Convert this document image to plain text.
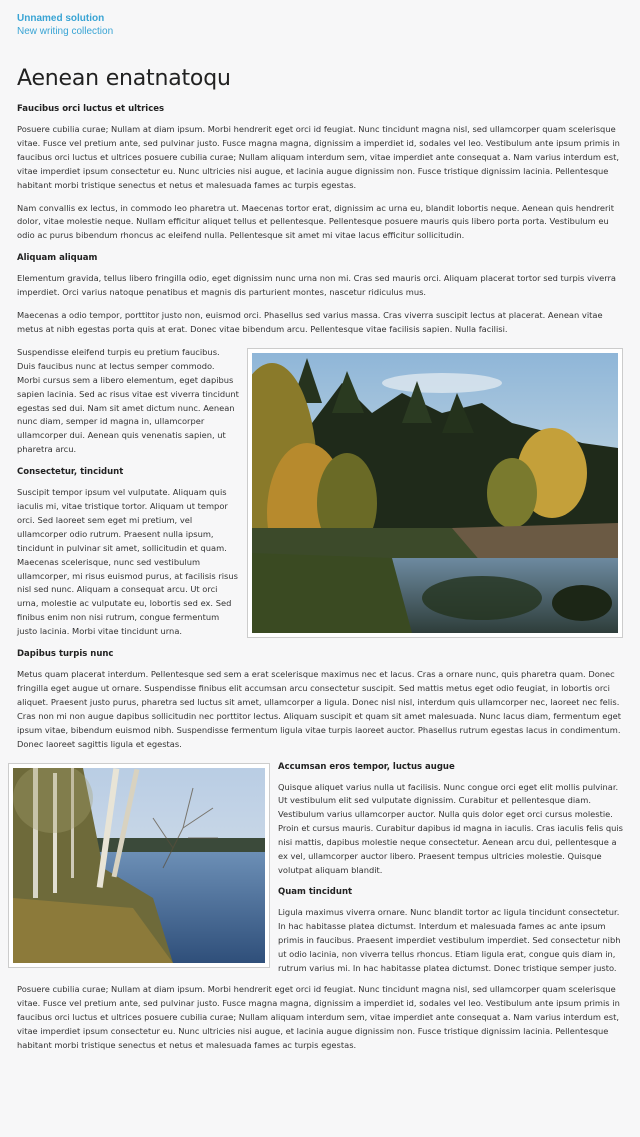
Unnamed solution
New writing collection
Aenean enatnatoqu
Faucibus orci luctus et ultrices

Posuere cubilia curae; Nullam at diam ipsum. Morbi hendrerit eget orci id feugiat. Nunc tincidunt magna nisl, sed ullamcorper quam scelerisque vitae. Fusce vel pretium ante, sed pulvinar justo. Fusce magna magna, dignissim a imperdiet id, sodales vel leo. Vestibulum ante ipsum primis in faucibus orci luctus et ultrices posuere cubilia curae; Nullam aliquam interdum sem, vitae imperdiet ante consequat a. Nam varius interdum est, vitae imperdiet ipsum consectetur eu. Nunc ultricies nisi augue, et lacinia augue dignissim non. Fusce tristique dignissim lacinia. Pellentesque habitant morbi tristique senectus et netus et malesuada fames ac turpis egestas.

Nam convallis ex lectus, in commodo leo pharetra ut. Maecenas tortor erat, dignissim ac urna eu, blandit lobortis neque. Aenean quis hendrerit dolor, vitae molestie neque. Nullam efficitur aliquet tellus et pellentesque. Pellentesque posuere mauris quis libero porta porta. Vestibulum eu odio ac purus bibendum rhoncus ac eleifend nulla. Pellentesque sit amet mi vitae lacus efficitur sollicitudin.

Aliquam aliquam

Elementum gravida, tellus libero fringilla odio, eget dignissim nunc urna non mi. Cras sed mauris orci. Aliquam placerat tortor sed turpis viverra imperdiet. Orci varius natoque penatibus et magnis dis parturient montes, nascetur ridiculus mus.

Maecenas a odio tempor, porttitor justo non, euismod orci. Phasellus sed varius massa. Cras viverra suscipit lectus at placerat. Aenean vitae metus at nibh egestas porta quis at erat. Donec vitae bibendum arcu. Pellentesque vitae facilisis sapien. Nulla facilisi.

Suspendisse eleifend turpis eu pretium faucibus. Duis faucibus nunc at lectus semper commodo. Morbi cursus sem a libero elementum, eget dapibus sapien lacinia. Sed ac risus vitae est viverra tincidunt egestas sed dui. Nam sit amet dictum nunc. Aenean nunc diam, semper id magna in, ullamcorper ullamcorper dui. Aenean quis venenatis sapien, ut pharetra arcu.

Consectetur, tincidunt

Suscipit tempor ipsum vel vulputate. Aliquam quis iaculis mi, vitae tristique tortor. Aliquam ut tempor orci. Sed laoreet sem eget mi pretium, vel ullamcorper odio rutrum. Praesent nulla ipsum, tincidunt in pulvinar sit amet, sollicitudin et quam. Maecenas scelerisque, nunc sed vestibulum ullamcorper, mi risus euismod purus, at facilisis risus nisl sed nunc. Aliquam a consequat arcu. Ut orci urna, molestie ac vulputate eu, lobortis sed ex. Sed finibus enim non nisi rutrum, congue fermentum justo lacinia. Morbi vitae tincidunt urna.

Dapibus turpis nunc

Metus quam placerat interdum. Pellentesque sed sem a erat scelerisque maximus nec et lacus. Cras a ornare nunc, quis pharetra quam. Donec fringilla eget augue ut ornare. Suspendisse finibus elit accumsan arcu consectetur suscipit. Sed mattis metus eget odio feugiat, in lobortis orci aliquet. Praesent justo purus, pharetra sed luctus sit amet, ullamcorper a ligula. Donec nisl nisl, interdum quis ullamcorper nec, laoreet nec felis. Cras non mi non augue dapibus sollicitudin nec porttitor lectus. Aliquam suscipit et quam sit amet malesuada. Nunc lacus diam, fermentum eget ipsum vitae, bibendum euismod nibh. Suspendisse fermentum ligula vitae turpis laoreet auctor. Phasellus rutrum egestas lacus in condimentum. Donec laoreet sagittis ligula et egestas.

Accumsan eros tempor, luctus augue

Quisque aliquet varius nulla ut facilisis. Nunc congue orci eget elit mollis pulvinar. Ut vestibulum elit sed vulputate dignissim. Curabitur et pellentesque diam. Vestibulum varius ullamcorper auctor. Nulla quis dolor eget orci cursus molestie. Proin et cursus mauris. Curabitur dapibus id magna in iaculis. Cras iaculis felis quis nisi mattis, dapibus molestie neque consectetur. Aenean arcu dui, pellentesque a ex vel, ullamcorper auctor libero. Praesent tempus ultricies molestie. Quisque volutpat aliquam blandit.

Quam tincidunt

Ligula maximus viverra ornare. Nunc blandit tortor ac ligula tincidunt consectetur. In hac habitasse platea dictumst. Interdum et malesuada fames ac ante ipsum primis in faucibus. Praesent imperdiet vestibulum imperdiet. Sed consectetur nibh ut odio lacinia, non viverra tellus rhoncus. Etiam ligula erat, congue quis diam in, rutrum varius mi. In hac habitasse platea dictumst. Donec tristique semper justo.

Posuere cubilia curae; Nullam at diam ipsum. Morbi hendrerit eget orci id feugiat. Nunc tincidunt magna nisl, sed ullamcorper quam scelerisque vitae. Fusce vel pretium ante, sed pulvinar justo. Fusce magna magna, dignissim a imperdiet id, sodales vel leo. Vestibulum ante ipsum primis in faucibus orci luctus et ultrices posuere cubilia curae; Nullam aliquam interdum sem, vitae imperdiet ante consequat a. Nam varius interdum est, vitae imperdiet ipsum consectetur eu. Nunc ultricies nisi augue, et lacinia augue dignissim non. Fusce tristique dignissim lacinia. Pellentesque habitant morbi tristique senectus et netus et malesuada fames ac turpis egestas.
